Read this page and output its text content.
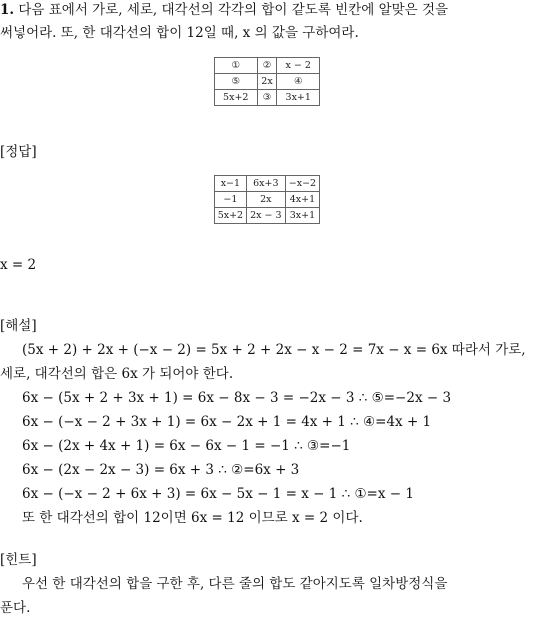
1. 다음 표에서 가로, 세로, 대각선의 각각의 합이 같도록 빈칸에 알맞은 것을
써넣어라. 또, 한 대각선의 합이 12일 때, x 의 값을 구하여라.
①	②	x − 2
⑤	2x	④
5x+2	③	3x+1
[정답]
x−1	6x+3	−x−2
−1	2x	4x+1
5x+2	2x − 3	3x+1
x = 2
[해설]
(5x + 2) + 2x + (−x − 2) = 5x + 2 + 2x − x − 2 = 7x − x = 6x 따라서 가로,
세로, 대각선의 합은 6x 가 되어야 한다.
6x − (5x + 2 + 3x + 1) = 6x − 8x − 3 = −2x − 3 ∴ ⑤=−2x − 3
6x − (−x − 2 + 3x + 1) = 6x − 2x + 1 = 4x + 1 ∴ ④=4x + 1
6x − (2x + 4x + 1) = 6x − 6x − 1 = −1 ∴ ③=−1
6x − (2x − 2x − 3) = 6x + 3 ∴ ②=6x + 3
6x − (−x − 2 + 6x + 3) = 6x − 5x − 1 = x − 1 ∴ ①=x − 1
또 한 대각선의 합이 12이면 6x = 12 이므로 x = 2 이다.
[힌트]
우선 한 대각선의 합을 구한 후, 다른 줄의 합도 같아지도록 일차방정식을
푼다.
